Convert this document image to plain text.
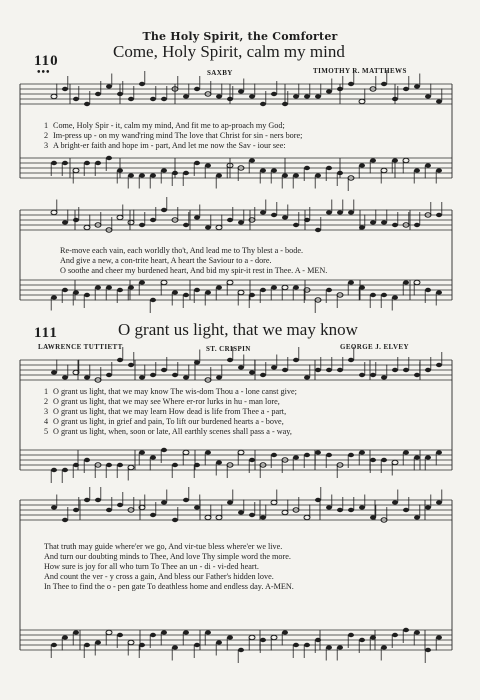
The Holy Spirit, the Comforter
110	Come, Holy Spirit, calm my mind
•••	SAXBY	TIMOTHY R. MATTHEWS
1 Come, Holy Spir - it, calm my mind, And fit me to ap-proach my God;
2 Im-press up - on my wand'ring mind The love that Christ for sin - ners bore;
3 A bright-er faith and hope im - part, And let me now the Sav - iour see:
Re-move each vain, each worldly tho't, And lead me to Thy blest a - bode.
And give a new, a con-trite heart, A heart the Saviour to a - dore.
O soothe and cheer my burdened heart, And bid my spir-it rest in Thee. A - MEN.
111	O grant us light, that we may know
LAWRENCE TUTTIETT	ST. CRISPIN	GEORGE J. ELVEY
1 O grant us light, that we may know The wis-dom Thou a - lone canst give;
2 O grant us light, that we may see Where er-ror lurks in hu - man lore,
3 O grant us light, that we may learn How dead is life from Thee a - part,
4 O grant us light, in grief and pain, To lift our burdened hearts a - bove,
5 O grant us light, when, soon or late, All earthly scenes shall pass a - way,
That truth may guide where'er we go, And vir-tue bless where'er we live.
And turn our doubting minds to Thee, And love Thy simple word the more.
How sure is joy for all who turn To Thee an un - di - vi-ded heart.
And count the ver - y cross a gain, And bless our Father's hidden love.
In Thee to find the o - pen gate To deathless home and endless day. A-MEN.
